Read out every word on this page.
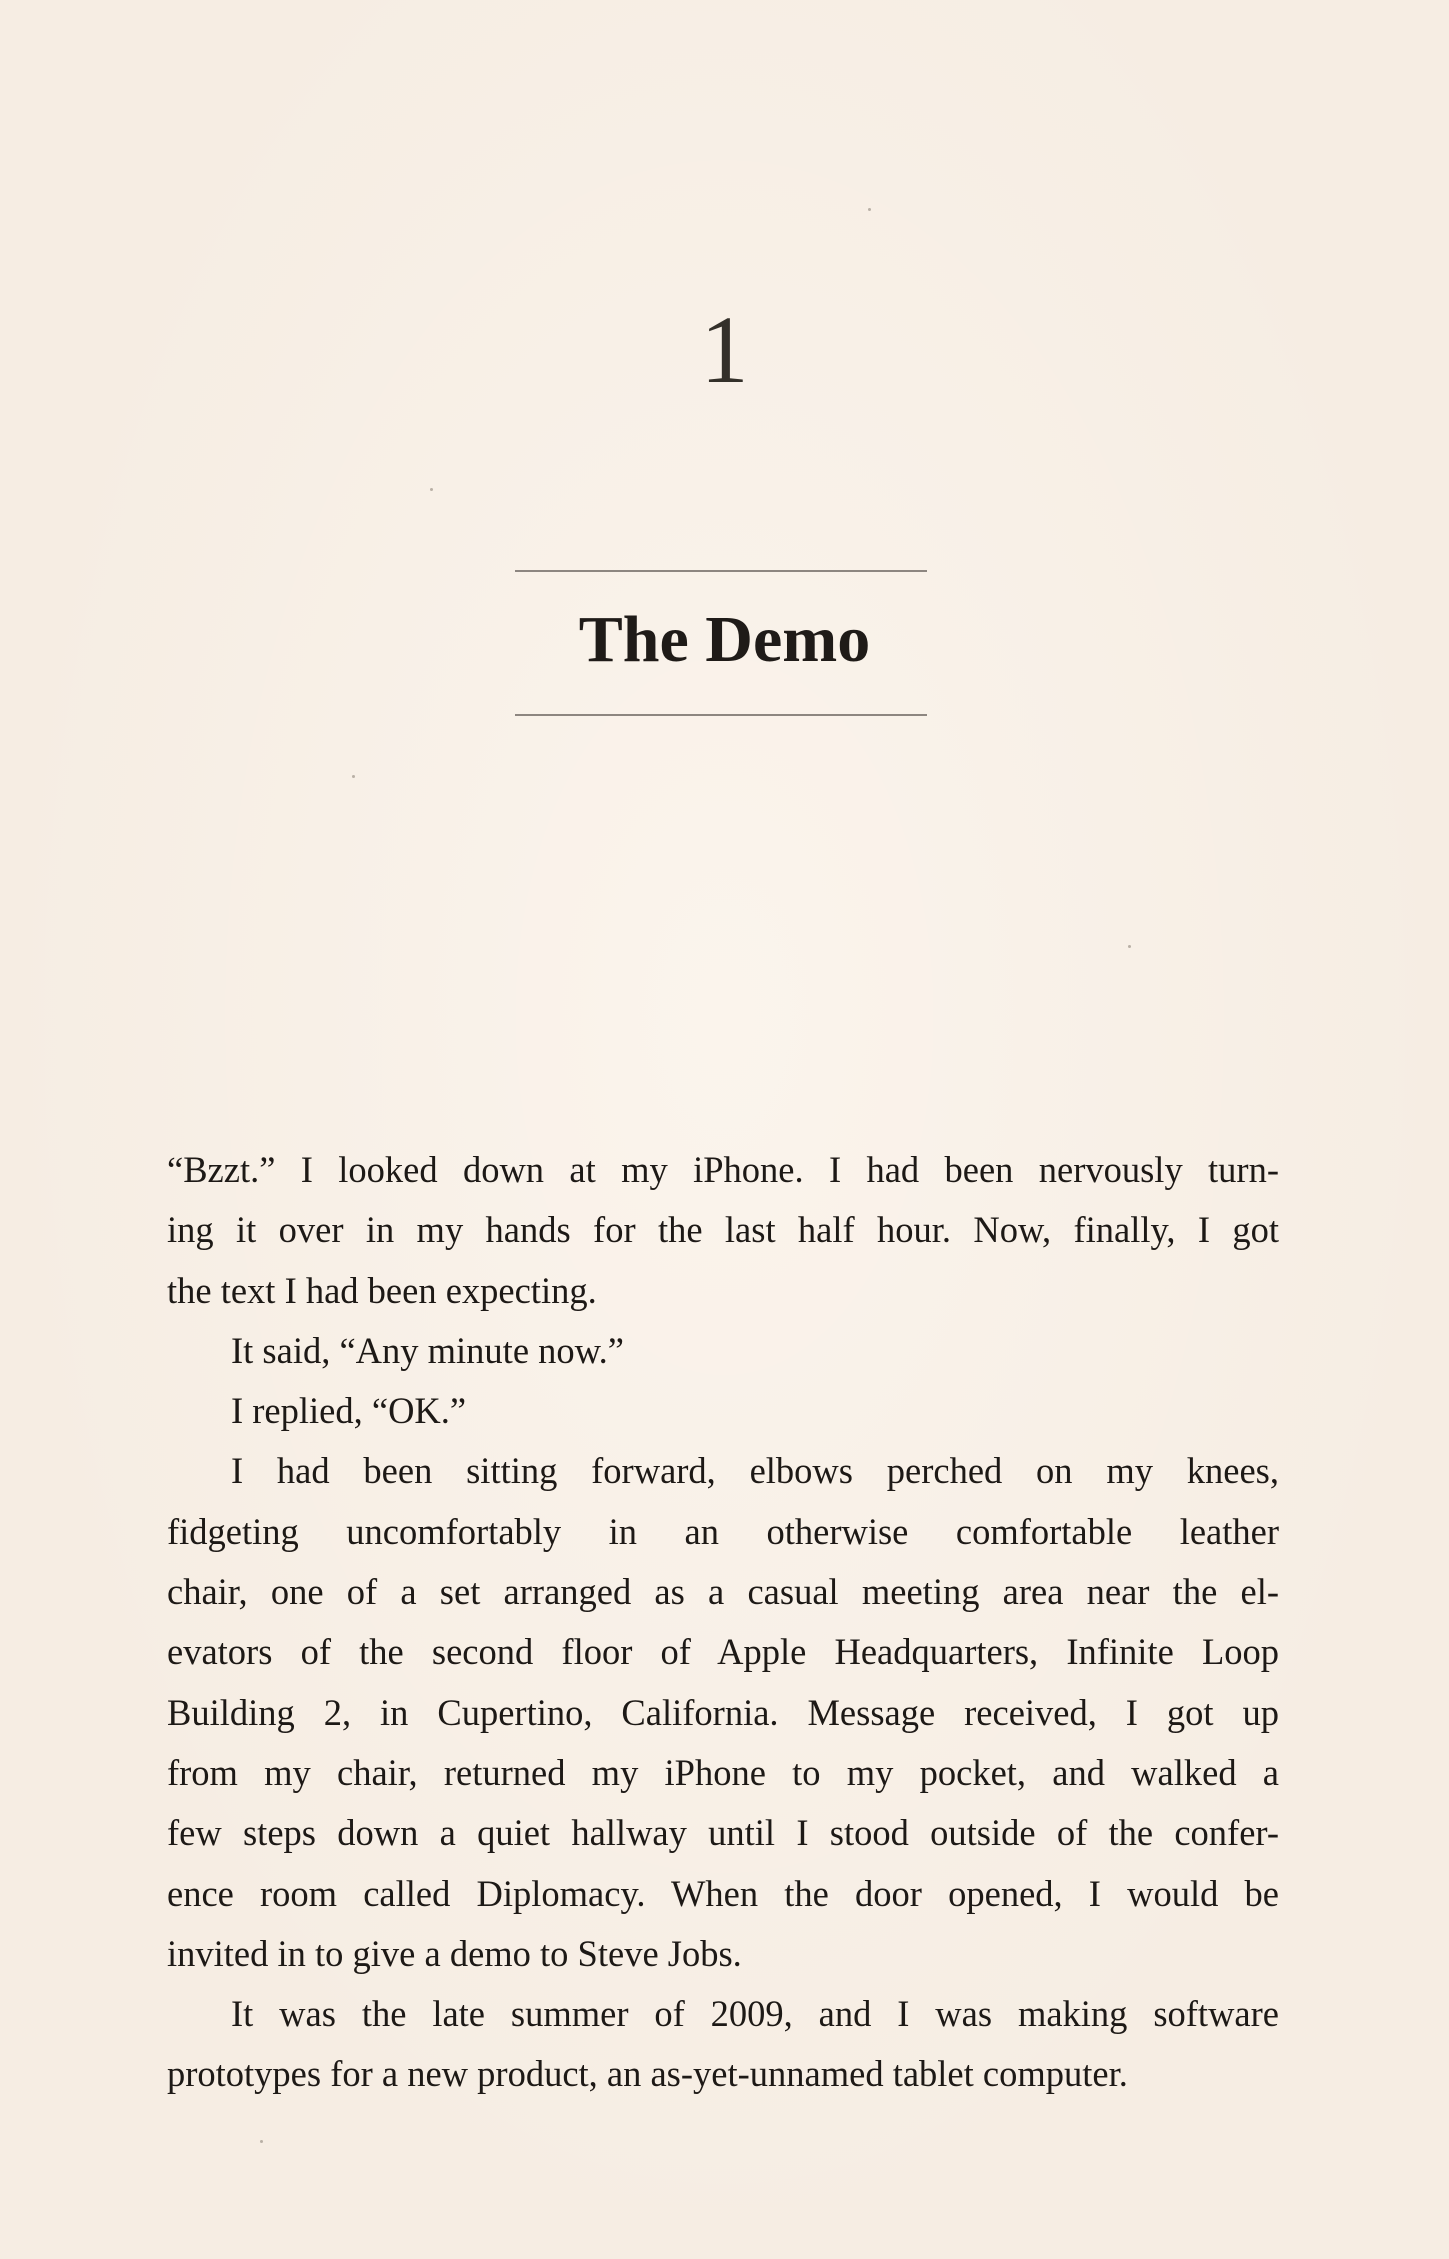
1
The Demo

“Bzzt.” I looked down at my iPhone. I had been nervously turn-
ing it over in my hands for the last half hour. Now, finally, I got
the text I had been expecting.

It said, “Any minute now.”

I replied, “OK.”

I had been sitting forward, elbows perched on my knees,
fidgeting uncomfortably in an otherwise comfortable leather
chair, one of a set arranged as a casual meeting area near the el-
evators of the second floor of Apple Headquarters, Infinite Loop
Building 2, in Cupertino, California. Message received, I got up
from my chair, returned my iPhone to my pocket, and walked a
few steps down a quiet hallway until I stood outside of the confer-
ence room called Diplomacy. When the door opened, I would be
invited in to give a demo to Steve Jobs.

It was the late summer of 2009, and I was making software
prototypes for a new product, an as-yet-unnamed tablet computer.
